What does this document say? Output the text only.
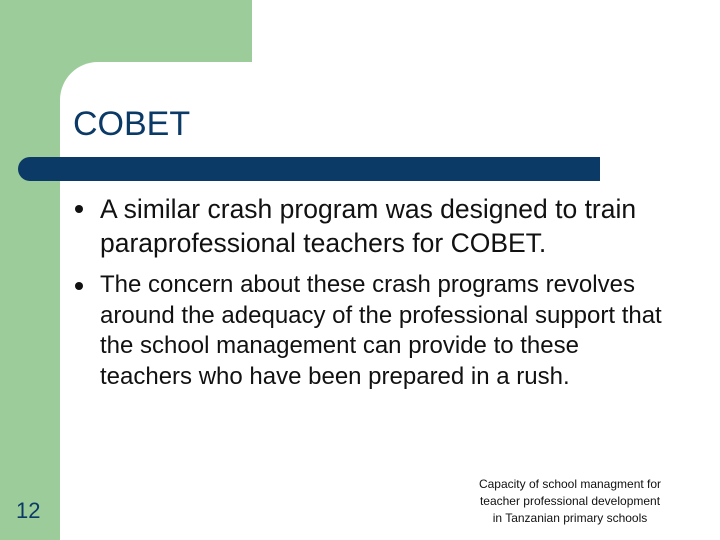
COBET
A similar crash program was designed to train paraprofessional teachers for COBET.
The concern about these crash programs revolves around the adequacy of the professional support that the school management can provide to these teachers who have been prepared in a rush.
12
Capacity of school managment for
teacher professional development
in Tanzanian primary schools
